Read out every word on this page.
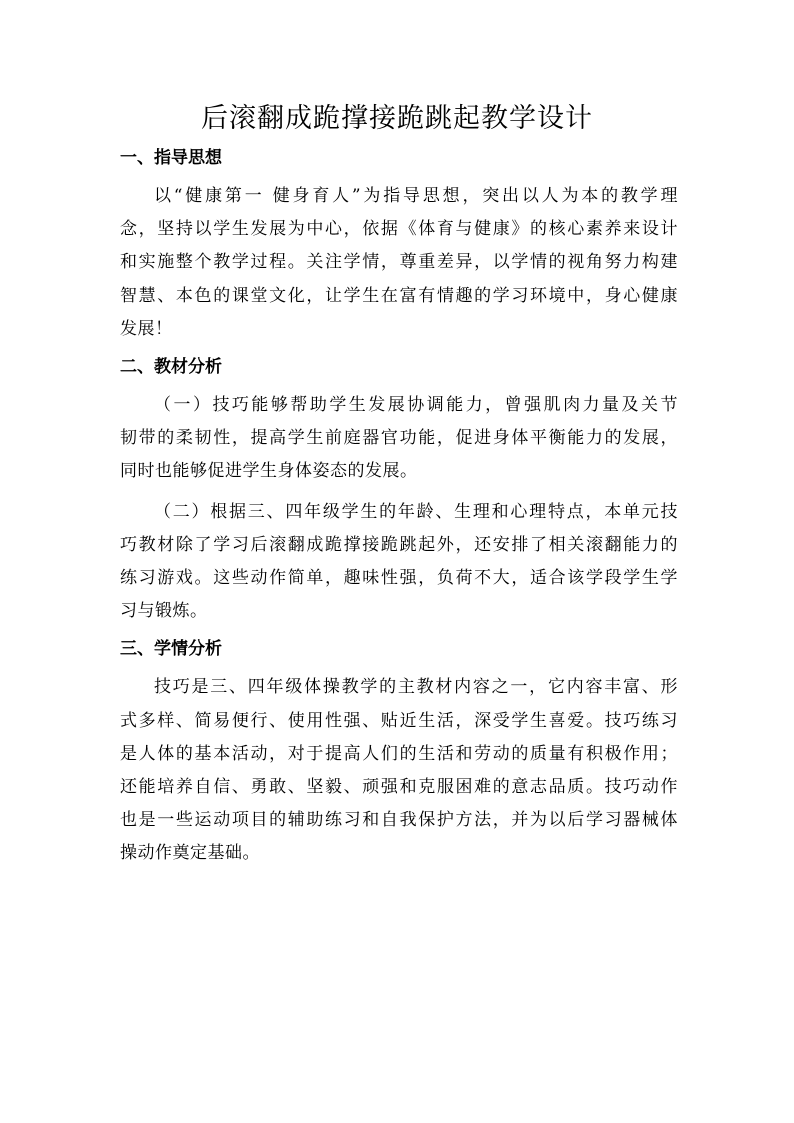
后滚翻成跪撑接跪跳起教学设计
一、指导思想
以“健康第一 健身育人”为指导思想，突出以人为本的教学理
念，坚持以学生发展为中心，依据《体育与健康》的核心素养来设计
和实施整个教学过程。关注学情，尊重差异，以学情的视角努力构建
智慧、本色的课堂文化，让学生在富有情趣的学习环境中，身心健康
发展！
二、教材分析
（一）技巧能够帮助学生发展协调能力，曾强肌肉力量及关节
韧带的柔韧性，提高学生前庭器官功能，促进身体平衡能力的发展，
同时也能够促进学生身体姿态的发展。
（二）根据三、四年级学生的年龄、生理和心理特点，本单元技
巧教材除了学习后滚翻成跪撑接跪跳起外，还安排了相关滚翻能力的
练习游戏。这些动作简单，趣味性强，负荷不大，适合该学段学生学
习与锻炼。
三、学情分析
技巧是三、四年级体操教学的主教材内容之一，它内容丰富、形
式多样、简易便行、使用性强、贴近生活，深受学生喜爱。技巧练习
是人体的基本活动，对于提高人们的生活和劳动的质量有积极作用；
还能培养自信、勇敢、坚毅、顽强和克服困难的意志品质。技巧动作
也是一些运动项目的辅助练习和自我保护方法，并为以后学习器械体
操动作奠定基础。
